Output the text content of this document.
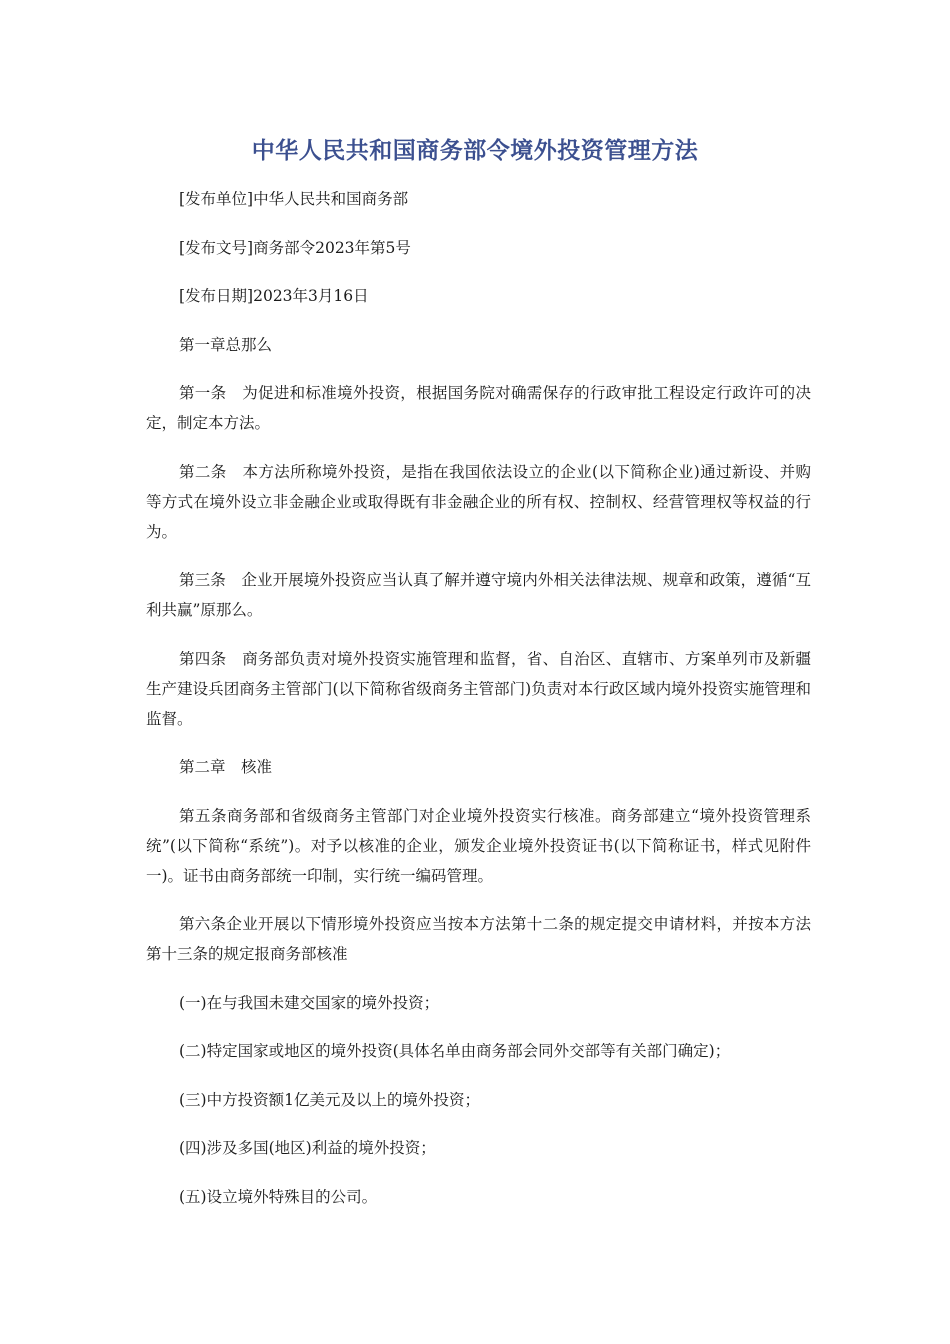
中华人民共和国商务部令境外投资管理方法

[发布单位]中华人民共和国商务部

[发布文号]商务部令2023年第5号

[发布日期]2023年3月16日

第一章总那么

第一条　为促进和标准境外投资，根据国务院对确需保存的行政审批工程设定行政许可的决定，制定本方法。

第二条　本方法所称境外投资，是指在我国依法设立的企业(以下简称企业)通过新设、并购等方式在境外设立非金融企业或取得既有非金融企业的所有权、控制权、经营管理权等权益的行为。

第三条　企业开展境外投资应当认真了解并遵守境内外相关法律法规、规章和政策，遵循“互利共赢”原那么。

第四条　商务部负责对境外投资实施管理和监督，省、自治区、直辖市、方案单列市及新疆生产建设兵团商务主管部门(以下简称省级商务主管部门)负责对本行政区域内境外投资实施管理和监督。

第二章　核准

第五条商务部和省级商务主管部门对企业境外投资实行核准。商务部建立“境外投资管理系统”(以下简称“系统”)。对予以核准的企业，颁发企业境外投资证书(以下简称证书，样式见附件一)。证书由商务部统一印制，实行统一编码管理。

第六条企业开展以下情形境外投资应当按本方法第十二条的规定提交申请材料，并按本方法第十三条的规定报商务部核准

(一)在与我国未建交国家的境外投资；

(二)特定国家或地区的境外投资(具体名单由商务部会同外交部等有关部门确定)；

(三)中方投资额1亿美元及以上的境外投资；

(四)涉及多国(地区)利益的境外投资；

(五)设立境外特殊目的公司。
